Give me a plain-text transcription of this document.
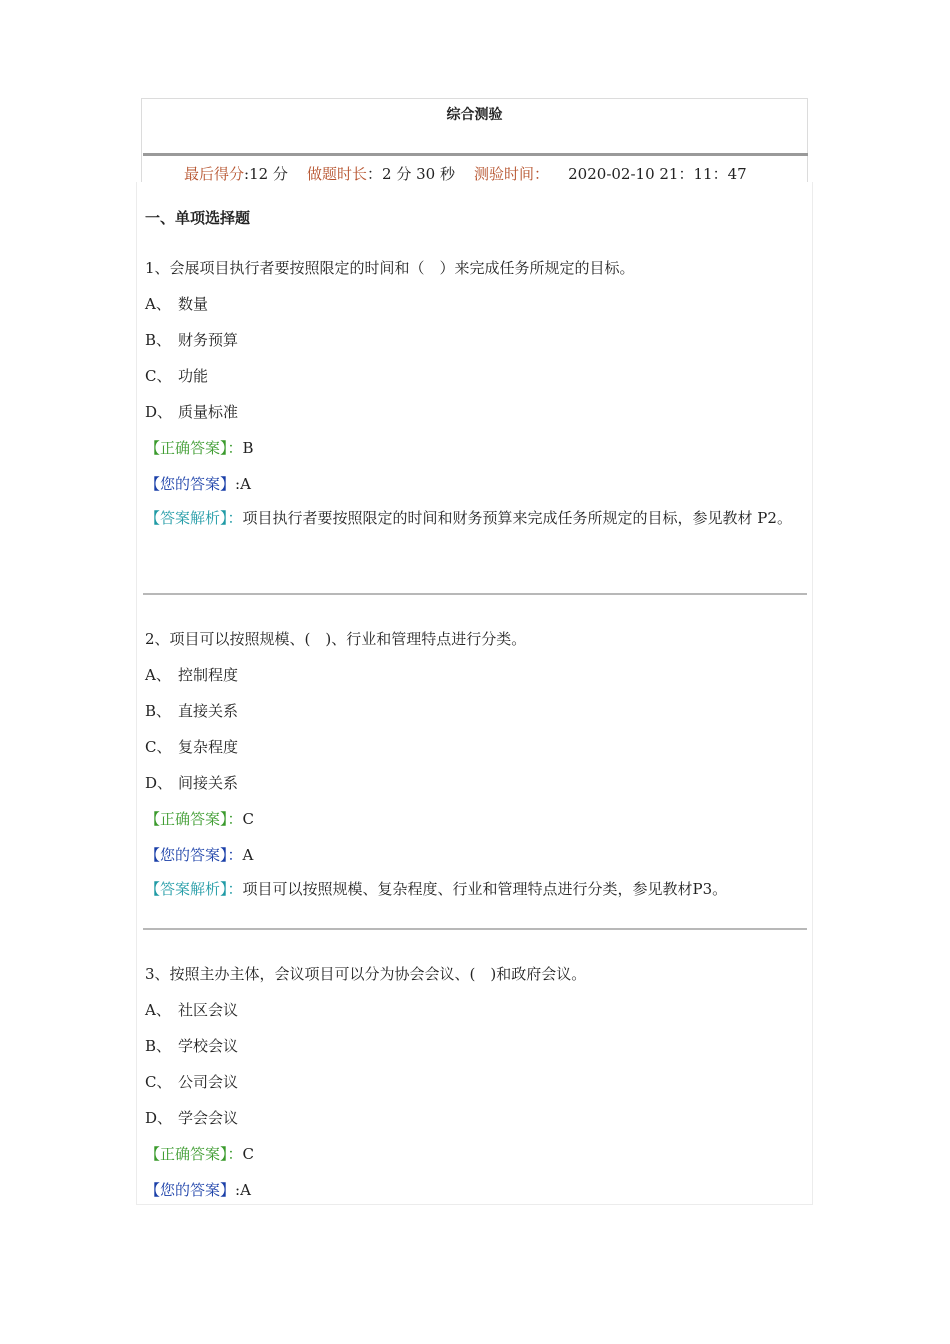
综合测验
最后得分:12 分 做题时长：2 分 30 秒 测验时间： 2020-02-10 21：11：47
一、单项选择题
1、会展项目执行者要按照限定的时间和（　）来完成任务所规定的目标。
A、 数量
B、 财务预算
C、 功能
D、 质量标准
【正确答案】：B
【您的答案】:A
【答案解析】：项目执行者要按照限定的时间和财务预算来完成任务所规定的目标，参见教材 P2。
2、项目可以按照规模、(　)、行业和管理特点进行分类。
A、 控制程度
B、 直接关系
C、 复杂程度
D、 间接关系
【正确答案】：C
【您的答案】：A
【答案解析】：项目可以按照规模、复杂程度、行业和管理特点进行分类，参见教材P3。
3、按照主办主体，会议项目可以分为协会会议、(　)和政府会议。
A、 社区会议
B、 学校会议
C、 公司会议
D、 学会会议
【正确答案】：C
【您的答案】:A
